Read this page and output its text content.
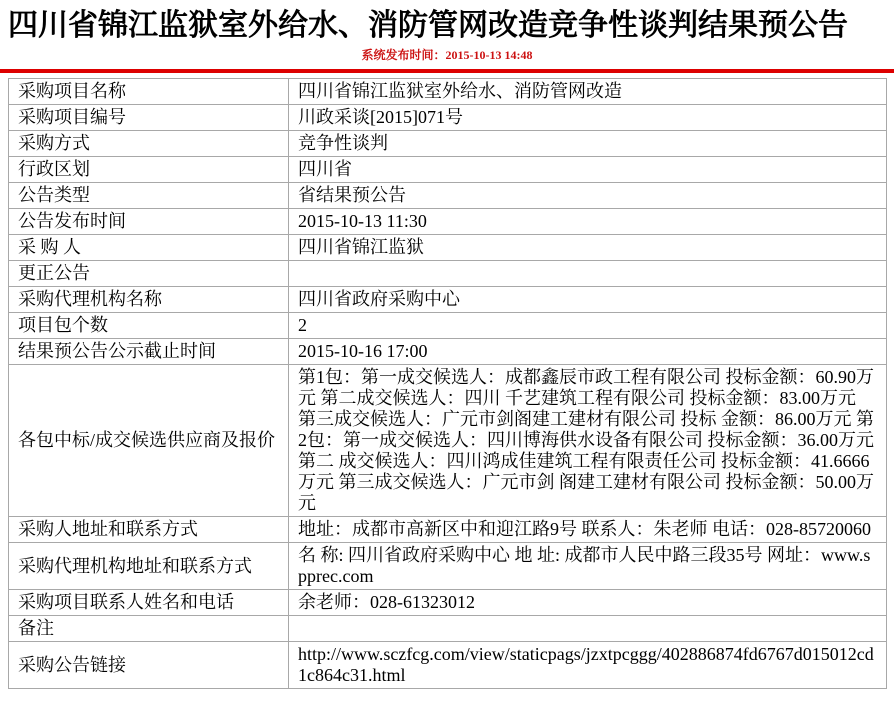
四川省锦江监狱室外给水、消防管网改造竞争性谈判结果预公告
系统发布时间：2015-10-13 14:48
采购项目名称	四川省锦江监狱室外给水、消防管网改造
采购项目编号	川政采谈[2015]071号
采购方式	竞争性谈判
行政区划	四川省
公告类型	省结果预公告
公告发布时间	2015-10-13 11:30
采 购 人	四川省锦江监狱
更正公告	
采购代理机构名称	四川省政府采购中心
项目包个数	2
结果预公告公示截止时间	2015-10-16 17:00
各包中标/成交候选供应商及报价	第1包：第一成交候选人：成都鑫辰市政工程有限公司 投标金额：60.90万元 第二成交候选人：四川 千艺建筑工程有限公司 投标金额：83.00万元 第三成交候选人：广元市剑阁建工建材有限公司 投标 金额：86.00万元 第2包：第一成交候选人：四川博海供水设备有限公司 投标金额：36.00万元 第二 成交候选人：四川鸿成佳建筑工程有限责任公司 投标金额：41.6666万元 第三成交候选人：广元市剑 阁建工建材有限公司 投标金额：50.00万元
采购人地址和联系方式	地址：成都市高新区中和迎江路9号 联系人：朱老师 电话：028-85720060
采购代理机构地址和联系方式	名 称: 四川省政府采购中心 地 址: 成都市人民中路三段35号 网址：www.spprec.com
采购项目联系人姓名和电话	余老师：028-61323012
备注	
采购公告链接	http://www.sczfcg.com/view/staticpags/jzxtpcggg/402886874fd6767d015012cd1c864c31.html
